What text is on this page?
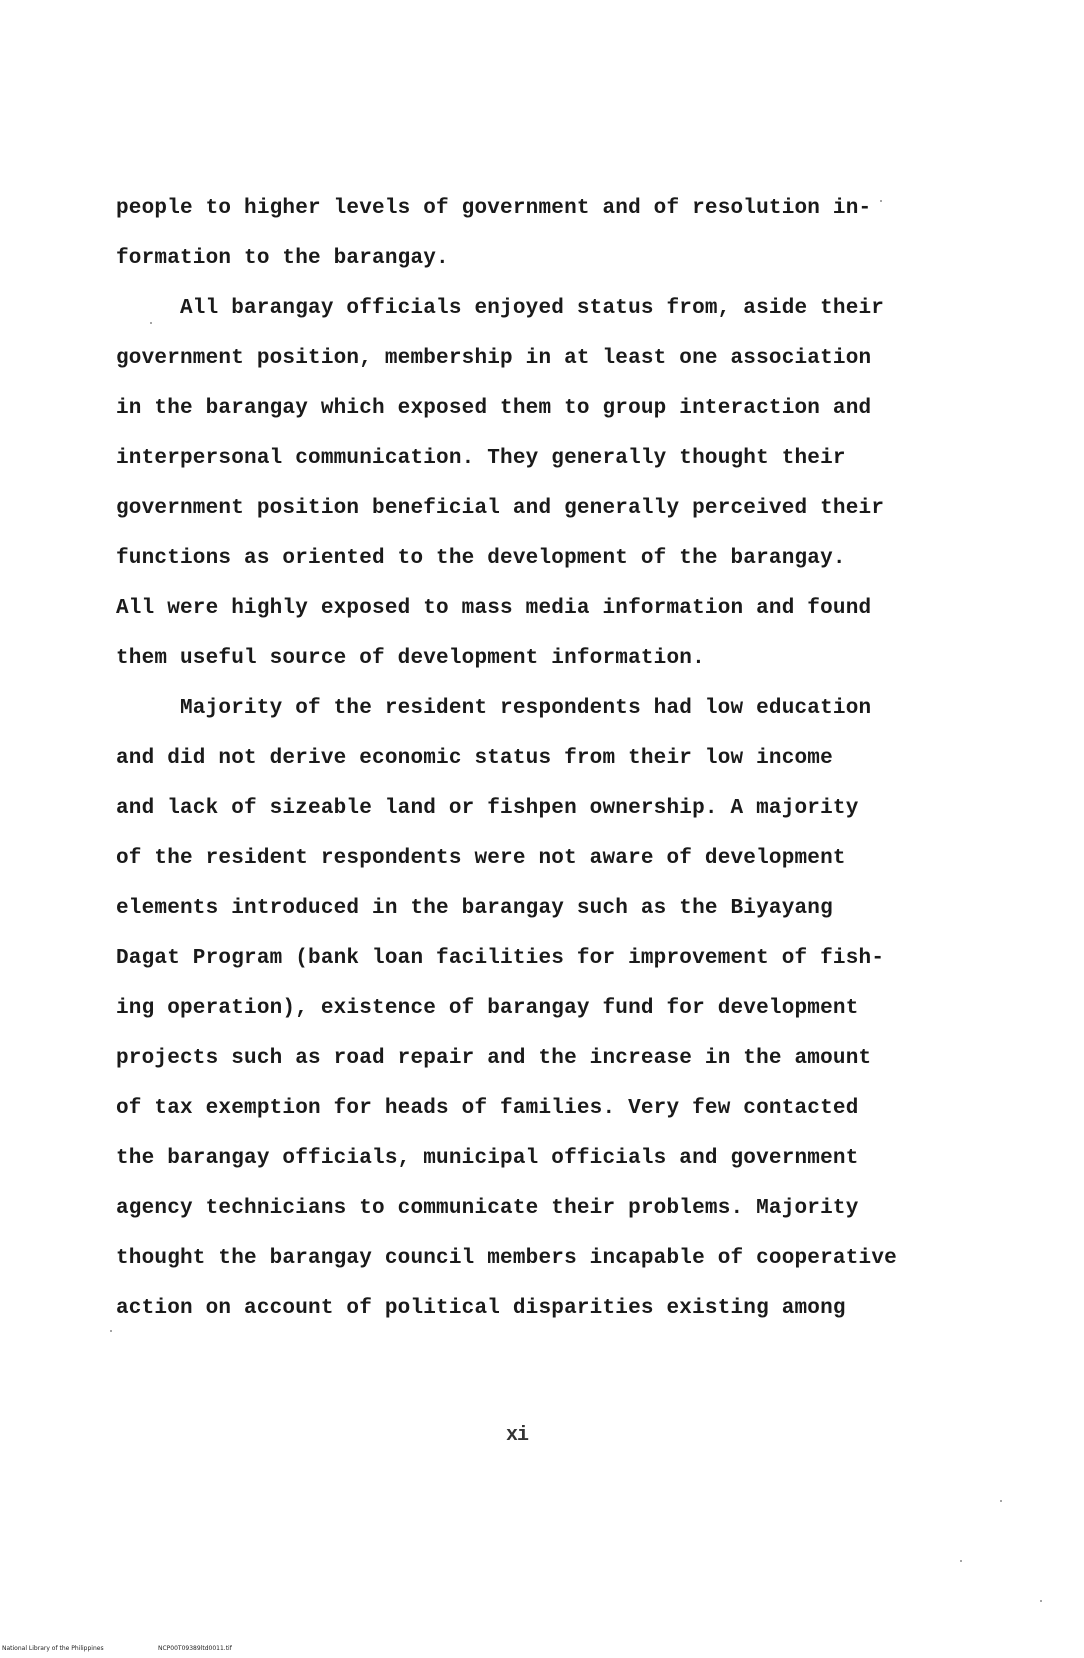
people to higher levels of government and of resolution in-
formation to the barangay.
All barangay officials enjoyed status from, aside their
government position, membership in at least one association
in the barangay which exposed them to group interaction and
interpersonal communication. They generally thought their
government position beneficial and generally perceived their
functions as oriented to the development of the barangay.
All were highly exposed to mass media information and found
them useful source of development information.
Majority of the resident respondents had low education
and did not derive economic status from their low income
and lack of sizeable land or fishpen ownership. A majority
of the resident respondents were not aware of development
elements introduced in the barangay such as the Biyayang
Dagat Program (bank loan facilities for improvement of fish-
ing operation), existence of barangay fund for development
projects such as road repair and the increase in the amount
of tax exemption for heads of families. Very few contacted
the barangay officials, municipal officials and government
agency technicians to communicate their problems. Majority
thought the barangay council members incapable of cooperative
action on account of political disparities existing among
xi
National Library of the Philippines	NCP00T09389ltd0011.tif
